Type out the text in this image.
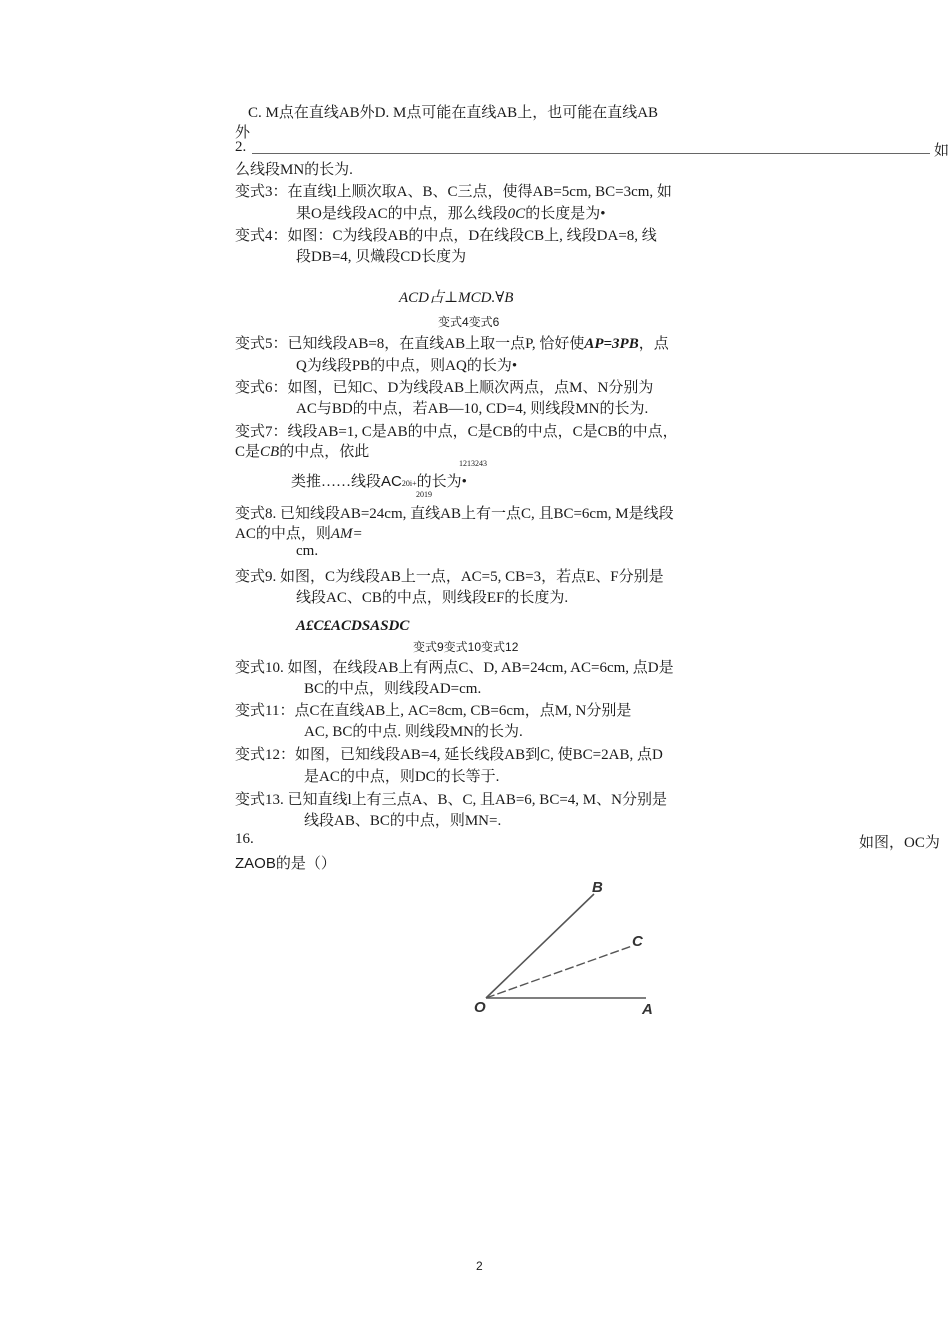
C. M点在直线AB外D. M点可能在直线AB上，也可能在直线AB
外
2.	如
么线段MN的长为.
变式3：在直线l上顺次取A、B、C三点，使得AB=5cm, BC=3cm, 如
果O是线段AC的中点，那么线段0C的长度是为•
变式4：如图：C为线段AB的中点，D在线段CB上, 线段DA=8, 线
段DB=4, 贝熾段CD长度为
ACD占⊥MCD.∀B
变式4变式6
变式5：已知线段AB=8，在直线AB上取一点P, 恰好使AP=3PB，点
Q为线段PB的中点，则AQ的长为•
变式6：如图，已知C、D为线段AB上顺次两点，点M、N分别为
AC与BD的中点，若AB—10, CD=4, 则线段MN的长为.
变式7：线段AB=1, C是AB的中点，C是CB的中点，C是CB的中点，
C是CB的中点，依此
1213243
类推……线段AC20i+的长为•
2019
变式8. 已知线段AB=24cm, 直线AB上有一点C, 且BC=6cm, M是线段
AC的中点，则AM=
cm.
变式9. 如图，C为线段AB上一点，AC=5, CB=3，若点E、F分别是
线段AC、CB的中点，则线段EF的长度为.
A£C£ACDSASDC
变式9变式10变式12
变式10. 如图，在线段AB上有两点C、D, AB=24cm, AC=6cm, 点D是
BC的中点，则线段AD=cm.
变式11：点C在直线AB上, AC=8cm, CB=6cm，点M, N分别是
AC, BC的中点. 则线段MN的长为.
变式12：如图，已知线段AB=4, 延长线段AB到C, 使BC=2AB, 点D
是AC的中点，则DC的长等于.
变式13. 已知直线l上有三点A、B、C, 且AB=6, BC=4, M、N分别是
线段AB、BC的中点，则MN=.
16.	如图，OC为
ZAOB的是（）
B
C
O	A
2
